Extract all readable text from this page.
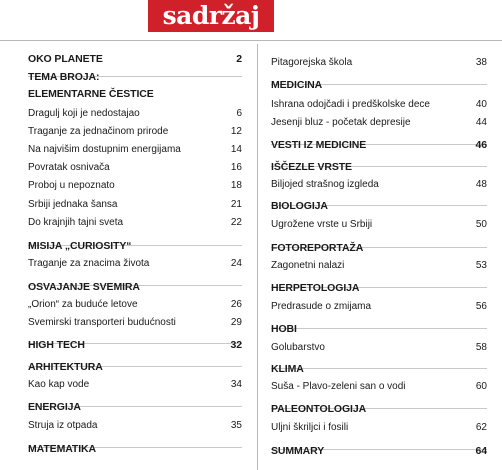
sadržaj
OKO PLANETE	2
TEMA BROJA:
ELEMENTARNE ČESTICE
Dragulj koji je nedostajao	6
Traganje za jednačinom prirode	12
Na najvišim dostupnim energijama	14
Povratak osnivača	16
Proboj u nepoznato	18
Srbiji jednaka šansa	21
Do krajnjih tajni sveta	22
MISIJA „CURIOSITY“
Traganje za znacima života	24
OSVAJANJE SVEMIRA
„Orion“ za buduće letove	26
Svemirski transporteri budućnosti	29
HIGH TECH	32
ARHITEKTURA
Kao kap vode	34
ENERGIJA
Struja iz otpada	35
MATEMATIKA
Pitagorejska škola	38
MEDICINA
Ishrana odojčadi i predškolske dece	40
Jesenji bluz - početak depresije	44
VESTI IZ MEDICINE	46
IŠČEZLE VRSTE
Biljojed strašnog izgleda	48
BIOLOGIJA
Ugrožene vrste u Srbiji	50
FOTOREPORTAŽA
Zagonetni nalazi	53
HERPETOLOGIJA
Predrasude o zmijama	56
HOBI
Golubarstvo	58
KLIMA
Suša - Plavo-zeleni san o vodi	60
PALEONTOLOGIJA
Uljni škriljci i fosili	62
SUMMARY	64
